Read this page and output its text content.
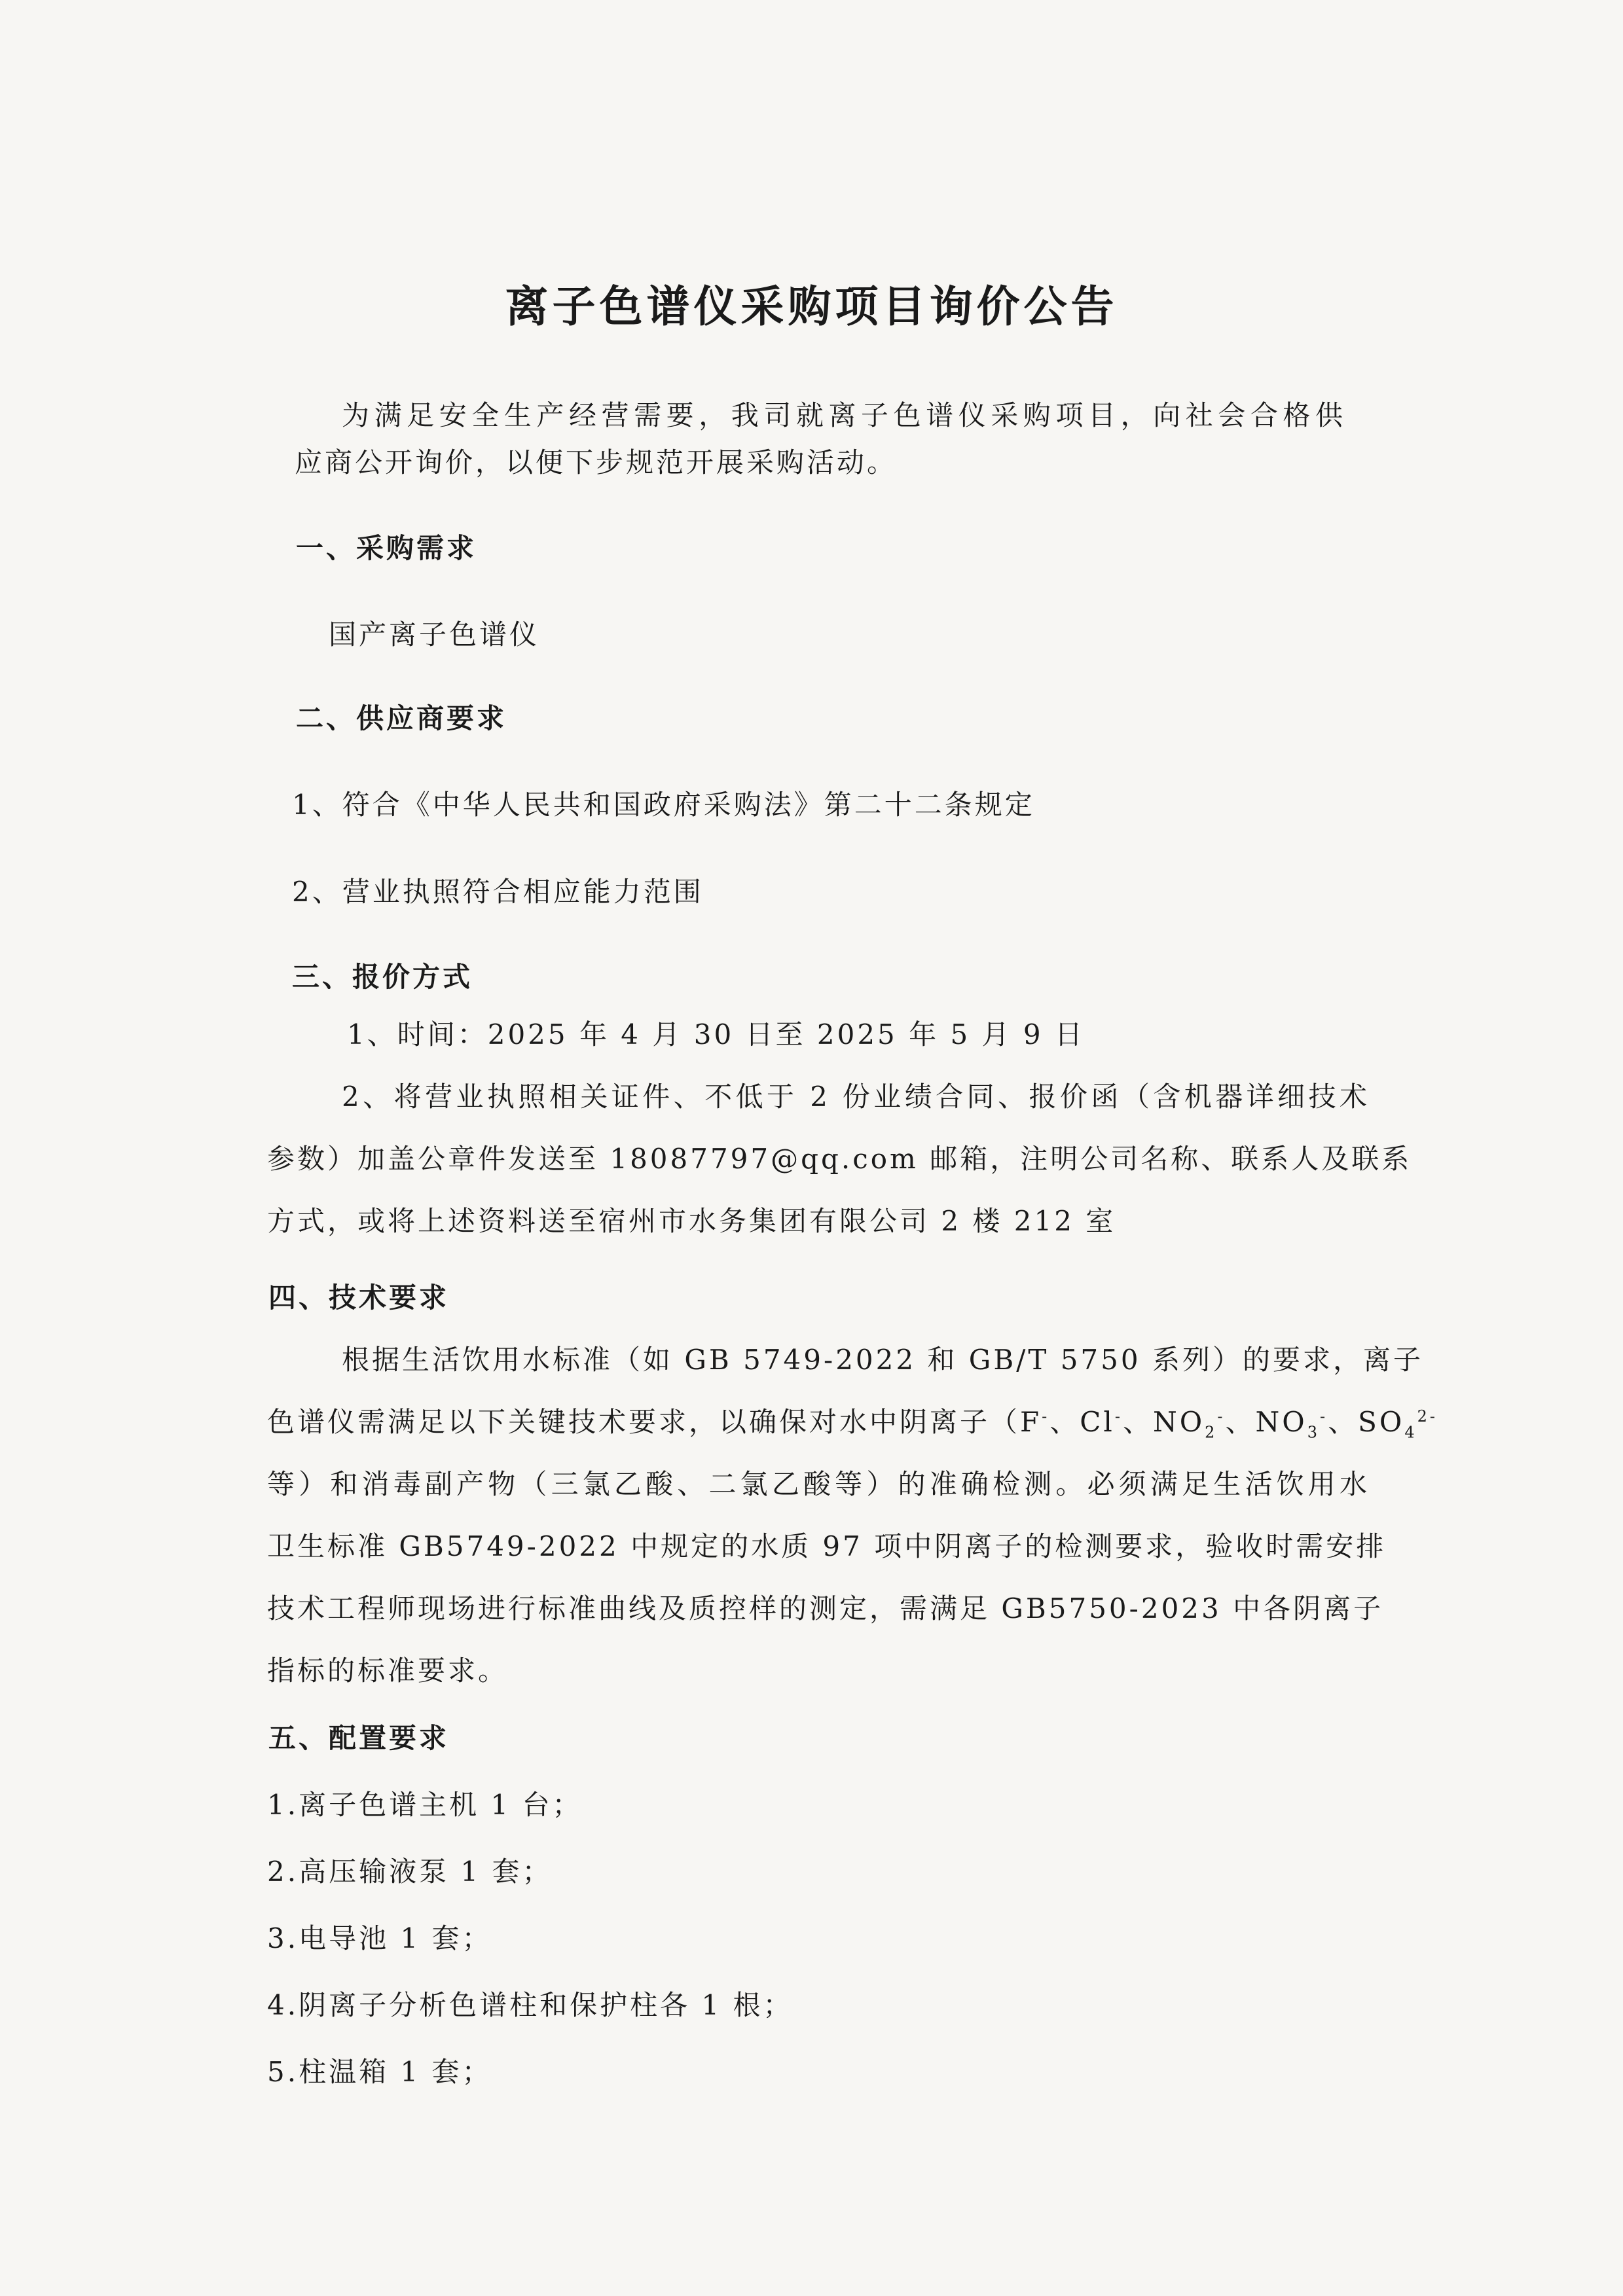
离子色谱仪采购项目询价公告
为满足安全生产经营需要，我司就离子色谱仪采购项目，向社会合格供
应商公开询价，以便下步规范开展采购活动。
一、采购需求
国产离子色谱仪
二、供应商要求
1、符合《中华人民共和国政府采购法》第二十二条规定
2、营业执照符合相应能力范围
三、报价方式
1、时间：2025 年 4 月 30 日至 2025 年 5 月 9 日
2、将营业执照相关证件、不低于 2 份业绩合同、报价函（含机器详细技术
参数）加盖公章件发送至 18087797@qq.com 邮箱，注明公司名称、联系人及联系
方式，或将上述资料送至宿州市水务集团有限公司 2 楼 212 室
四、技术要求
根据生活饮用水标准（如 GB 5749-2022 和 GB/T 5750 系列）的要求，离子
色谱仪需满足以下关键技术要求，以确保对水中阴离子（F-、Cl-、$NO_2^-$、$NO_3^-$、$SO_4^{2-}$
等）和消毒副产物（三氯乙酸、二氯乙酸等）的准确检测。必须满足生活饮用水
卫生标准 GB5749-2022 中规定的水质 97 项中阴离子的检测要求，验收时需安排
技术工程师现场进行标准曲线及质控样的测定，需满足 GB5750-2023 中各阴离子
指标的标准要求。
五、配置要求
1.离子色谱主机 1 台；
2.高压输液泵 1 套；
3.电导池 1 套；
4.阴离子分析色谱柱和保护柱各 1 根；
5.柱温箱 1 套；
